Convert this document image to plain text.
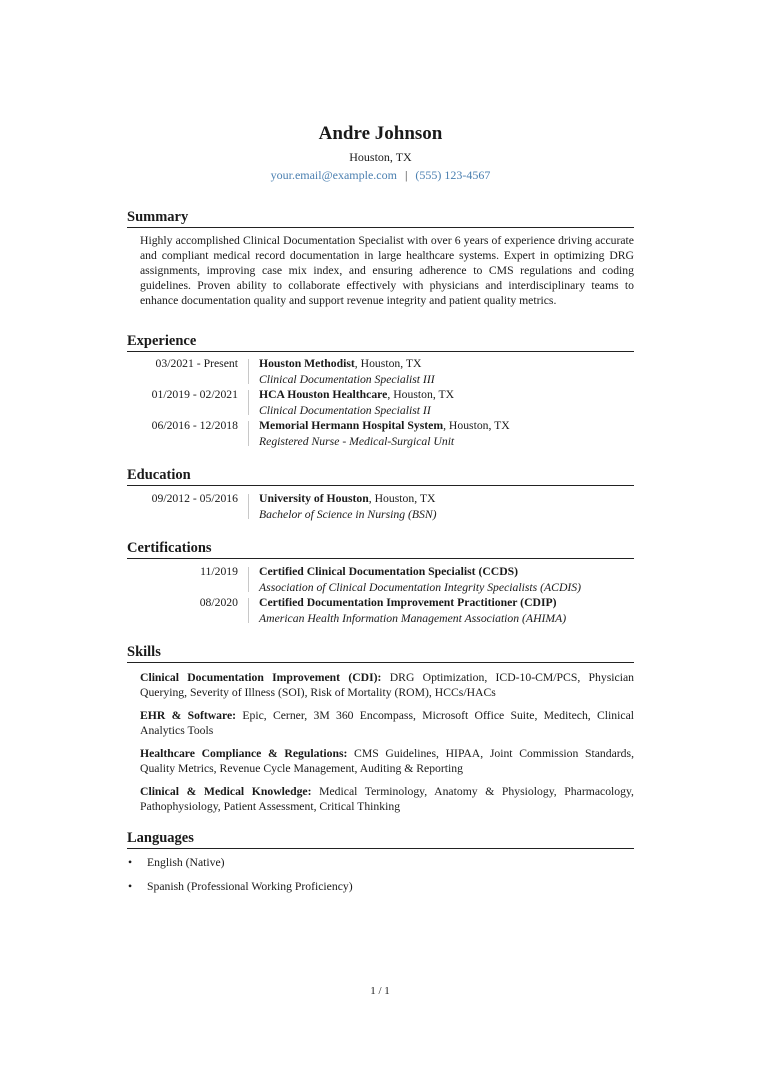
Andre Johnson
Houston, TX
your.email@example.com | (555) 123-4567
Summary
Highly accomplished Clinical Documentation Specialist with over 6 years of experience driving accurate and compliant medical record documentation in large healthcare systems. Expert in optimizing DRG assignments, improving case mix index, and ensuring adherence to CMS regulations and coding guidelines. Proven ability to collaborate effectively with physicians and interdisciplinary teams to enhance documentation quality and support revenue integrity and patient quality metrics.
Experience
03/2021 - Present Houston Methodist, Houston, TX
Clinical Documentation Specialist III
01/2019 - 02/2021 HCA Houston Healthcare, Houston, TX
Clinical Documentation Specialist II
06/2016 - 12/2018 Memorial Hermann Hospital System, Houston, TX
Registered Nurse - Medical-Surgical Unit
Education
09/2012 - 05/2016 University of Houston, Houston, TX
Bachelor of Science in Nursing (BSN)
Certifications
11/2019 Certified Clinical Documentation Specialist (CCDS)
Association of Clinical Documentation Integrity Specialists (ACDIS)
08/2020 Certified Documentation Improvement Practitioner (CDIP)
American Health Information Management Association (AHIMA)
Skills
Clinical Documentation Improvement (CDI): DRG Optimization, ICD-10-CM/PCS, Physician Querying, Severity of Illness (SOI), Risk of Mortality (ROM), HCCs/HACs
EHR & Software: Epic, Cerner, 3M 360 Encompass, Microsoft Office Suite, Meditech, Clinical Analytics Tools
Healthcare Compliance & Regulations: CMS Guidelines, HIPAA, Joint Commission Standards, Quality Metrics, Revenue Cycle Management, Auditing & Reporting
Clinical & Medical Knowledge: Medical Terminology, Anatomy & Physiology, Pharmacology, Pathophysiology, Patient Assessment, Critical Thinking
Languages
•	English (Native)
•	Spanish (Professional Working Proficiency)
1 / 1
